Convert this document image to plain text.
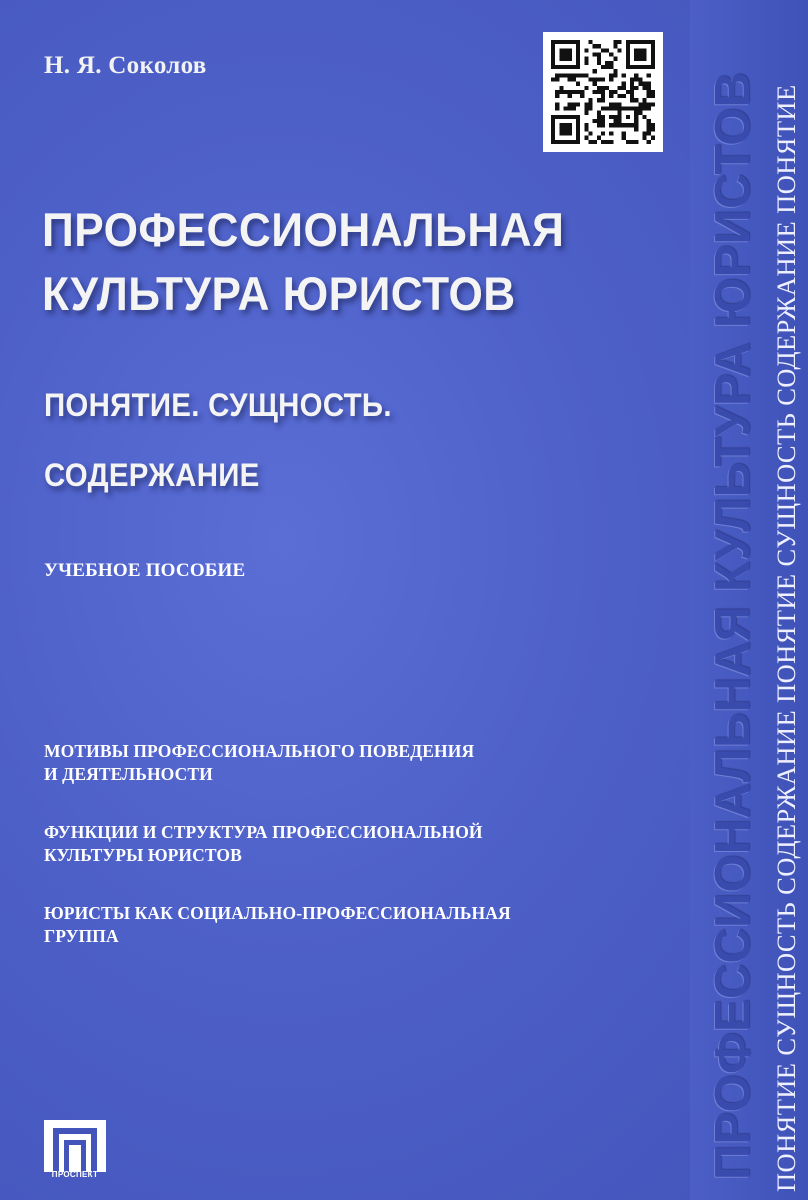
Н. Я. Соколов
ПРОФЕССИОНАЛЬНАЯ
КУЛЬТУРА ЮРИСТОВ
ПОНЯТИЕ. СУЩНОСТЬ.
СОДЕРЖАНИЕ
УЧЕБНОЕ ПОСОБИЕ

МОТИВЫ ПРОФЕССИОНАЛЬНОГО ПОВЕДЕНИЯ
И ДЕЯТЕЛЬНОСТИ

ФУНКЦИИ И СТРУКТУРА ПРОФЕССИОНАЛЬНОЙ
КУЛЬТУРЫ ЮРИСТОВ

ЮРИСТЫ КАК СОЦИАЛЬНО-ПРОФЕССИОНАЛЬНАЯ
ГРУППА	ПРОФЕССИОНАЛЬНАЯ КУЛЬТУРА ЮРИСТОВ ПОНЯТИЕ СУЩНОСТЬ СОДЕРЖАНИЕ ПОНЯТИЕ СУЩНОСТЬ СОДЕРЖАНИЕ ПОНЯТИЕ
ПРОСПЕКТ
